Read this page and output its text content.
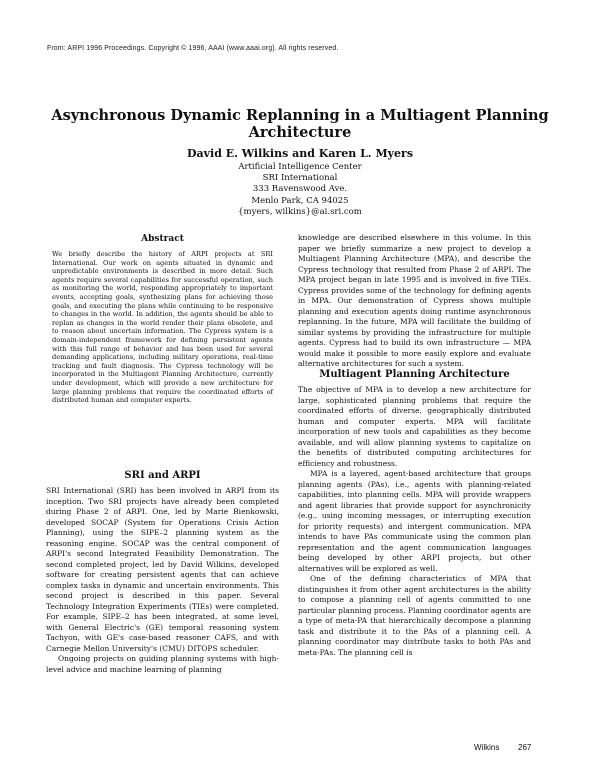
From: ARPI 1996 Proceedings. Copyright © 1996, AAAI (www.aaai.org). All rights reserved.
Asynchronous Dynamic Replanning in a Multiagent Planning Architecture
David E. Wilkins and Karen L. Myers
Artificial Intelligence Center
SRI International
333 Ravenswood Ave.
Menlo Park, CA 94025
{myers, wilkins}@ai.sri.com
Abstract
We briefly describe the history of ARPI projects at SRI International. Our work on agents situated in dynamic and unpredictable environments is described in more detail. Such agents require several capabilities for successful operation, such as monitoring the world, responding appropriately to important events, accepting goals, synthesizing plans for achieving those goals, and executing the plans while continuing to be responsive to changes in the world. In addition, the agents should be able to replan as changes in the world render their plans obsolete, and to reason about uncertain information. The Cypress system is a domain-independent framework for defining persistent agents with this full range of behavior and has been used for several demanding applications, including military operations, real-time tracking and fault diagnosis. The Cypress technology will be incorporated in the Multiagent Planning Architecture, currently under development, which will provide a new architecture for large planning problems that require the coordinated efforts of distributed human and computer experts.
SRI and ARPI

SRI International (SRI) has been involved in ARPI from its inception. Two SRI projects have already been completed during Phase 2 of ARPI. One, led by Marie Bienkowski, developed SOCAP (System for Operations Crisis Action Planning), using the SIPE–2 planning system as the reasoning engine. SOCAP was the central component of ARPI's second Integrated Feasibility Demonstration. The second completed project, led by David Wilkins, developed software for creating persistent agents that can achieve complex tasks in dynamic and uncertain environments. This second project is described in this paper. Several Technology Integration Experiments (TIEs) were completed. For example, SIPE–2 has been integrated, at some level, with General Electric's (GE) temporal reasoning system Tachyon, with GE's case-based reasoner CAFS, and with Carnegie Mellon University's (CMU) DITOPS scheduler.

Ongoing projects on guiding planning systems with high-level advice and machine learning of planning

knowledge are described elsewhere in this volume. In this paper we briefly summarize a new project to develop a Multiagent Planning Architecture (MPA), and describe the Cypress technology that resulted from Phase 2 of ARPI. The MPA project began in late 1995 and is involved in five TIEs. Cypress provides some of the technology for defining agents in MPA. Our demonstration of Cypress shows multiple planning and execution agents doing runtime asynchronous replanning. In the future, MPA will facilitate the building of similar systems by providing the infrastructure for multiple agents. Cypress had to build its own infrastructure — MPA would make it possible to more easily explore and evaluate alternative architectures for such a system.

Multiagent Planning Architecture

The objective of MPA is to develop a new architecture for large, sophisticated planning problems that require the coordinated efforts of diverse, geographically distributed human and computer experts. MPA will facilitate incorporation of new tools and capabilities as they become available, and will allow planning systems to capitalize on the benefits of distributed computing architectures for efficiency and robustness.

MPA is a layered, agent-based architecture that groups planning agents (PAs), i.e., agents with planning-related capabilities, into planning cells. MPA will provide wrappers and agent libraries that provide support for asynchronicity (e.g., using incoming messages, or interrupting execution for priority requests) and intergent communication. MPA intends to have PAs communicate using the common plan representation and the agent communication languages being developed by other ARPI projects, but other alternatives will be explored as well.

One of the defining characteristics of MPA that distinguishes it from other agent architectures is the ability to compose a planning cell of agents committed to one particular planning process. Planning coordinator agents are a type of meta-PA that hierarchically decompose a planning task and distribute it to the PAs of a planning cell. A planning coordinator may distribute tasks to both PAs and meta-PAs. The planning cell is

Wilkins 267
